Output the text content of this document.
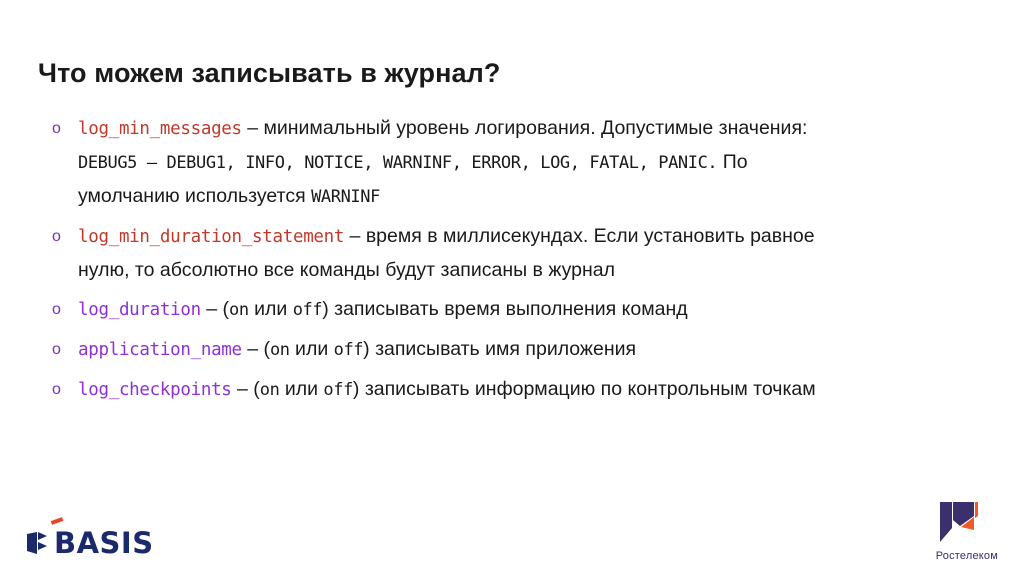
Что можем записывать в журнал?
o log_min_messages – минимальный уровень логирования. Допустимые значения: DEBUG5 – DEBUG1, INFO, NOTICE, WARNINF, ERROR, LOG, FATAL, PANIC. По умолчанию используется WARNINF
o log_min_duration_statement – время в миллисекундах. Если установить равное нулю, то абсолютно все команды будут записаны в журнал
o log_duration – (on или off) записывать время выполнения команд
o application_name – (on или off) записывать имя приложения
o log_checkpoints – (on или off) записывать информацию по контрольным точкам
BASIS	Ростелеком
